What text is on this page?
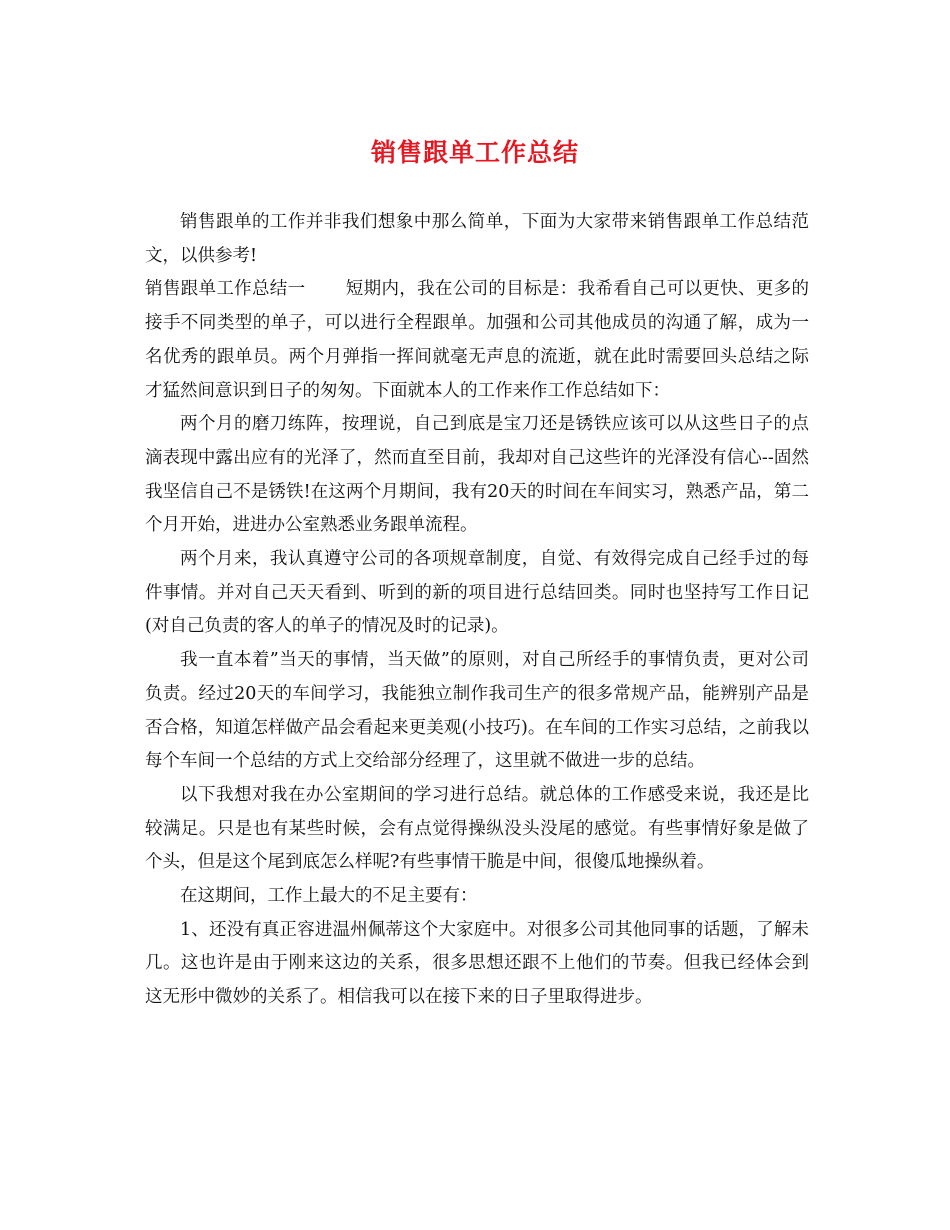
销售跟单工作总结

销售跟单的工作并非我们想象中那么简单，下面为大家带来销售跟单工作总结范文，以供参考!

销售跟单工作总结一 短期内，我在公司的目标是：我希看自己可以更快、更多的接手不同类型的单子，可以进行全程跟单。加强和公司其他成员的沟通了解，成为一名优秀的跟单员。两个月弹指一挥间就毫无声息的流逝，就在此时需要回头总结之际才猛然间意识到日子的匆匆。下面就本人的工作来作工作总结如下：

两个月的磨刀练阵，按理说，自己到底是宝刀还是锈铁应该可以从这些日子的点滴表现中露出应有的光泽了，然而直至目前，我却对自己这些许的光泽没有信心--固然我坚信自己不是锈铁!在这两个月期间，我有20天的时间在车间实习，熟悉产品，第二个月开始，进进办公室熟悉业务跟单流程。

两个月来，我认真遵守公司的各项规章制度，自觉、有效得完成自己经手过的每件事情。并对自己天天看到、听到的新的项目进行总结回类。同时也坚持写工作日记(对自己负责的客人的单子的情况及时的记录)。

我一直本着”当天的事情，当天做”的原则，对自己所经手的事情负责，更对公司负责。经过20天的车间学习，我能独立制作我司生产的很多常规产品，能辨别产品是否合格，知道怎样做产品会看起来更美观(小技巧)。在车间的工作实习总结，之前我以每个车间一个总结的方式上交给部分经理了，这里就不做进一步的总结。

以下我想对我在办公室期间的学习进行总结。就总体的工作感受来说，我还是比较满足。只是也有某些时候，会有点觉得操纵没头没尾的感觉。有些事情好象是做了个头，但是这个尾到底怎么样呢?有些事情干脆是中间，很傻瓜地操纵着。

在这期间，工作上最大的不足主要有：

1、还没有真正容进温州佩蒂这个大家庭中。对很多公司其他同事的话题，了解未几。这也许是由于刚来这边的关系，很多思想还跟不上他们的节奏。但我已经体会到这无形中微妙的关系了。相信我可以在接下来的日子里取得进步。
